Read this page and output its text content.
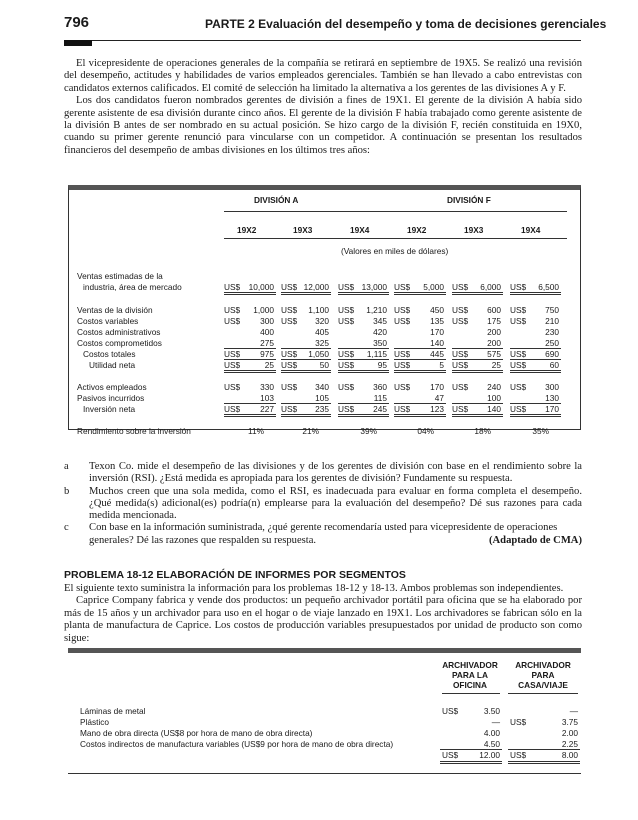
796	PARTE 2 Evaluación del desempeño y toma de decisiones gerenciales

El vicepresidente de operaciones generales de la compañía se retirará en septiembre de 19X5. Se realizó una revisión del desempeño, actitudes y habilidades de varios empleados gerenciales. También se han llevado a cabo entrevistas con candidatos externos calificados. El comité de selección ha limitado la alternativa a los gerentes de las divisiones A y F.

Los dos candidatos fueron nombrados gerentes de división a fines de 19X1. El gerente de la división A había sido gerente asistente de esa división durante cinco años. El gerente de la división F había trabajado como gerente asistente de la división B antes de ser nombrado en su actual posición. Se hizo cargo de la división F, recién constituida en 19X0, cuando su primer gerente renunció para vincularse con un competidor. A continuación se presentan los resultados financieros del desempeño de ambas divisiones en los últimos tres años:

DIVISIÓN A	DIVISIÓN F
19X2	19X3	19X4	19X2	19X3	19X4
(Valores en miles de dólares)
Ventas estimadas de la
industria, área de mercado	US$	10,000 US$ 12,000 US$ 13,000 US$	5,000 US$	6,000 US$	6,500
Ventas de la división	US$	1,000 US$	1,100 US$	1,210 US$	450 US$	600 US$	750
Costos variables	US$	300 US$	320 US$	345 US$	135 US$	175 US$	210
Costos administrativos	400	405	420	170	200	230
Costos comprometidos	275	325	350	140	200	250
Costos totales	US$	975 US$	1,050 US$	1,115 US$	445 US$	575 US$	690
Utilidad neta	US$	25 US$	50 US$	95 US$	5 US$	25 US$	60
Activos empleados	US$	330 US$	340 US$	360 US$	170 US$	240 US$	300
Pasivos incurridos	103	105	115	47	100	130
Inversión neta	US$	227 US$	235 US$	245 US$	123 US$	140 US$	170
Rendimiento sobre la inversión	11%	21%	39%	04%	18%	35%
a Texon Co. mide el desempeño de las divisiones y de los gerentes de división con base en el rendimiento sobre la inversión (RSI). ¿Está medida es apropiada para los gerentes de división? Fundamente su respuesta.
b Muchos creen que una sola medida, como el RSI, es inadecuada para evaluar en forma completa el desempeño. ¿Qué medida(s) adicional(es) podría(n) emplearse para la evaluación del desempeño? Dé sus razones para cada medida mencionada.
c Con base en la información suministrada, ¿qué gerente recomendaría usted para vicepresidente de operaciones generales? Dé las razones que respalden su respuesta.	(Adaptado de CMA)
PROBLEMA 18-12 ELABORACIÓN DE INFORMES POR SEGMENTOS

El siguiente texto suministra la información para los problemas 18-12 y 18-13. Ambos problemas son independientes.

Caprice Company fabrica y vende dos productos: un pequeño archivador portátil para oficina que se ha elaborado por más de 15 años y un archivador para uso en el hogar o de viaje lanzado en 19X1. Los archivadores se fabrican sólo en la planta de manufactura de Caprice. Los costos de producción variables presupuestados por unidad de producto son como sigue:

ARCHIVADOR
PARA LA
OFICINA
ARCHIVADOR
PARA
CASA/VIAJE
Láminas de metal	3.50	—
Plástico	—	3.75
Mano de obra directa (US$8 por hora de mano de obra directa)	4.00	2.00
Costos indirectos de manufactura variables (US$9 por hora de mano de obra directa)	4.50	2.25
US$
US$
US$	12.00 US$	8.00
